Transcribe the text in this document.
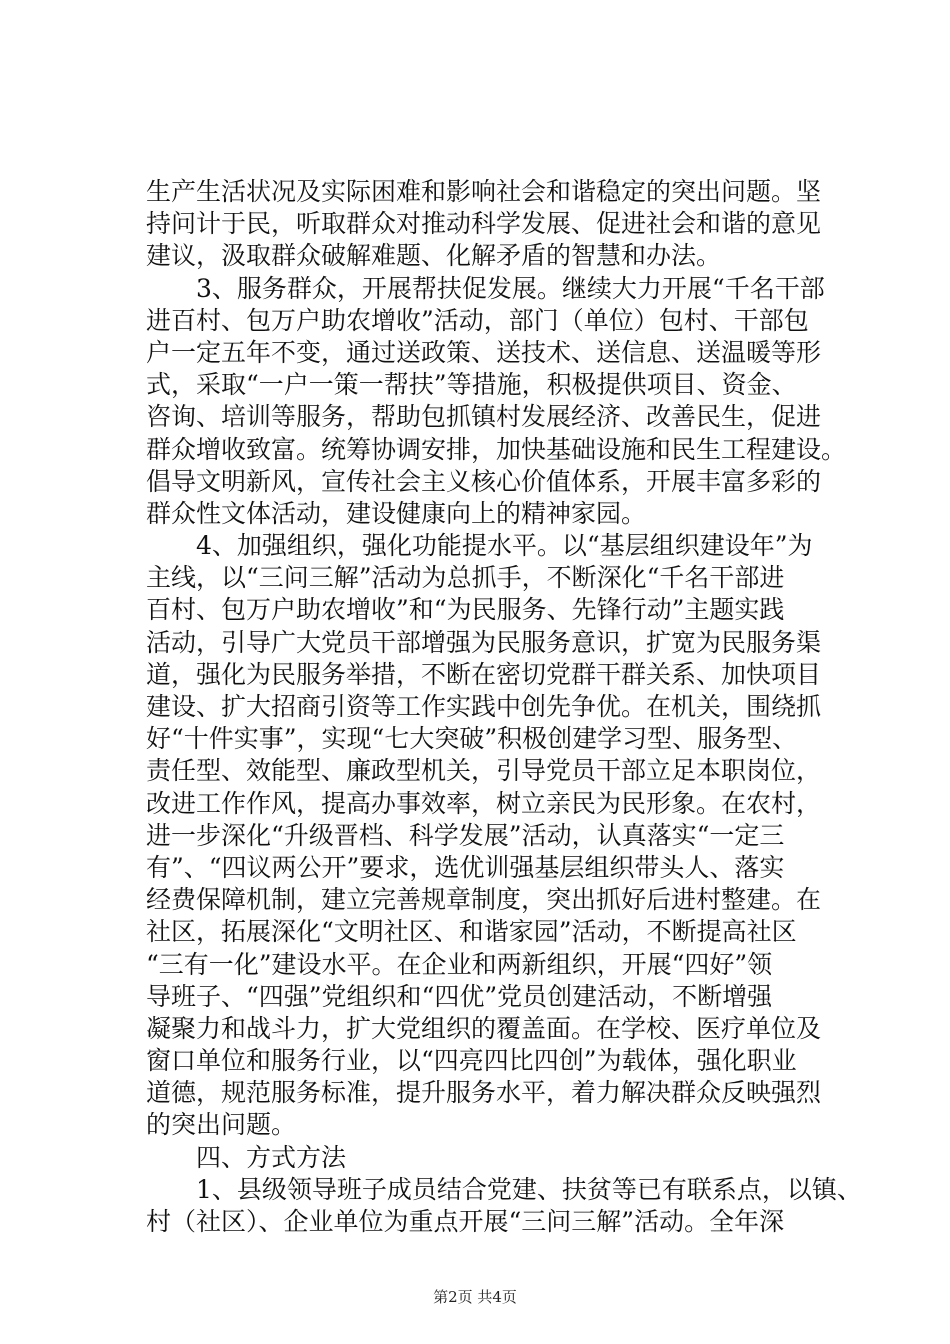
生产生活状况及实际困难和影响社会和谐稳定的突出问题。坚
持问计于民，听取群众对推动科学发展、促进社会和谐的意见
建议，汲取群众破解难题、化解矛盾的智慧和办法。
3、服务群众，开展帮扶促发展。继续大力开展“千名干部
进百村、包万户助农增收”活动，部门（单位）包村、干部包
户一定五年不变，通过送政策、送技术、送信息、送温暖等形
式，采取“一户一策一帮扶”等措施，积极提供项目、资金、
咨询、培训等服务，帮助包抓镇村发展经济、改善民生，促进
群众增收致富。统筹协调安排，加快基础设施和民生工程建设。
倡导文明新风，宣传社会主义核心价值体系，开展丰富多彩的
群众性文体活动，建设健康向上的精神家园。
4、加强组织，强化功能提水平。以“基层组织建设年”为
主线，以“三问三解”活动为总抓手，不断深化“千名干部进
百村、包万户助农增收”和“为民服务、先锋行动”主题实践
活动，引导广大党员干部增强为民服务意识，扩宽为民服务渠
道，强化为民服务举措，不断在密切党群干群关系、加快项目
建设、扩大招商引资等工作实践中创先争优。在机关，围绕抓
好“十件实事”，实现“七大突破”积极创建学习型、服务型、
责任型、效能型、廉政型机关，引导党员干部立足本职岗位，
改进工作作风，提高办事效率，树立亲民为民形象。在农村，
进一步深化“升级晋档、科学发展”活动，认真落实“一定三
有”、“四议两公开”要求，选优训强基层组织带头人、落实
经费保障机制，建立完善规章制度，突出抓好后进村整建。在
社区，拓展深化“文明社区、和谐家园”活动，不断提高社区
“三有一化”建设水平。在企业和两新组织，开展“四好”领
导班子、“四强”党组织和“四优”党员创建活动，不断增强
凝聚力和战斗力，扩大党组织的覆盖面。在学校、医疗单位及
窗口单位和服务行业，以“四亮四比四创”为载体，强化职业
道德，规范服务标准，提升服务水平，着力解决群众反映强烈
的突出问题。
四、方式方法
1、县级领导班子成员结合党建、扶贫等已有联系点，以镇、
村（社区）、企业单位为重点开展“三问三解”活动。全年深
第2页 共4页
